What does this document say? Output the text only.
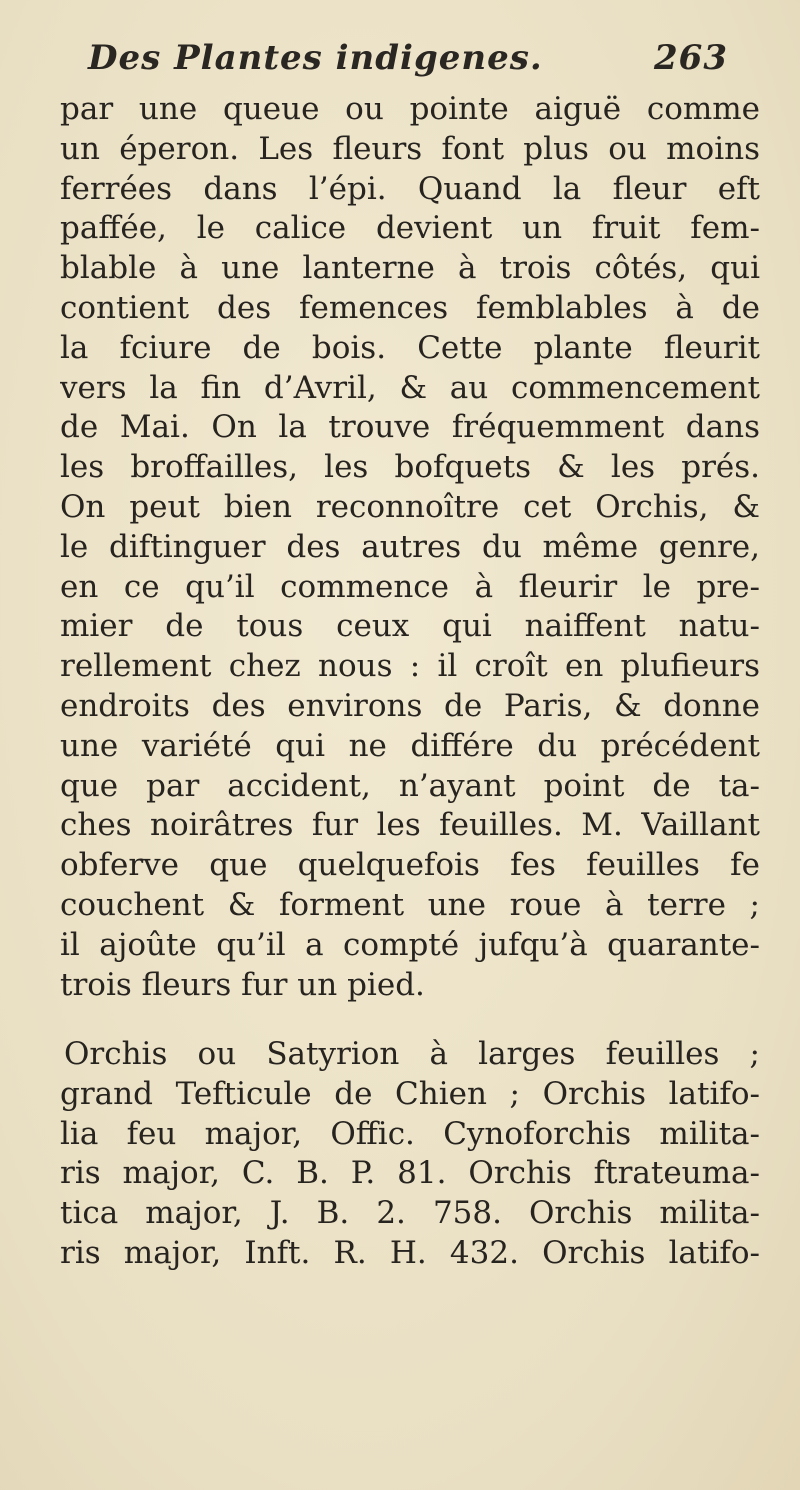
Des Plantes indigenes.	263
par une queue ou pointe aiguë comme
un éperon. Les fleurs font plus ou moins
ferrées dans l’épi. Quand la fleur eft
paffée, le calice devient un fruit fem-
blable à une lanterne à trois côtés, qui
contient des femences femblables à de
la fciure de bois. Cette plante fleurit
vers la fin d’Avril, & au commencement
de Mai. On la trouve fréquemment dans
les broffailles, les bofquets & les prés.
On peut bien reconnoître cet Orchis, &
le diftinguer des autres du même genre,
en ce qu’il commence à fleurir le pre-
mier de tous ceux qui naiffent natu-
rellement chez nous : il croît en plufieurs
endroits des environs de Paris, & donne
une variété qui ne différe du précédent
que par accident, n’ayant point de ta-
ches noirâtres fur les feuilles. M. Vaillant
obferve que quelquefois fes feuilles fe
couchent & forment une roue à terre ;
il ajoûte qu’il a compté jufqu’à quarante-
trois fleurs fur un pied.
Orchis ou Satyrion à larges feuilles ;
grand Tefticule de Chien ; Orchis latifo-
lia feu major, Offic. Cynoforchis milita-
ris major, C. B. P. 81. Orchis ftrateuma-
tica major, J. B. 2. 758. Orchis milita-
ris major, Inft. R. H. 432. Orchis latifo-
